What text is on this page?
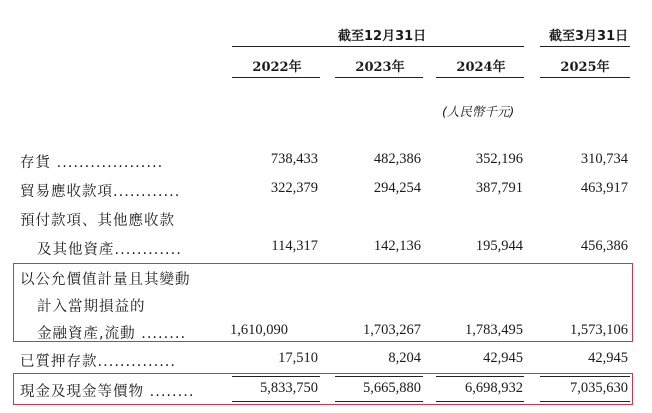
截至12月31日	截至3月31日
2022年	2023年	2024年	2025年
(人民幣千元)
存貨 ...................	738,433	482,386	352,196	310,734
貿易應收款項............	322,379	294,254	387,791	463,917
預付款項、其他應收款
及其他資產............	114,317	142,136	195,944	456,386
以公允價值計量且其變動
計入當期損益的
金融資產,流動 ........	1,610,090	1,703,267	1,783,495	1,573,106
已質押存款..............	17,510	8,204	42,945	42,945
現金及現金等價物 ........	5,833,750	5,665,880	6,698,932	7,035,630
